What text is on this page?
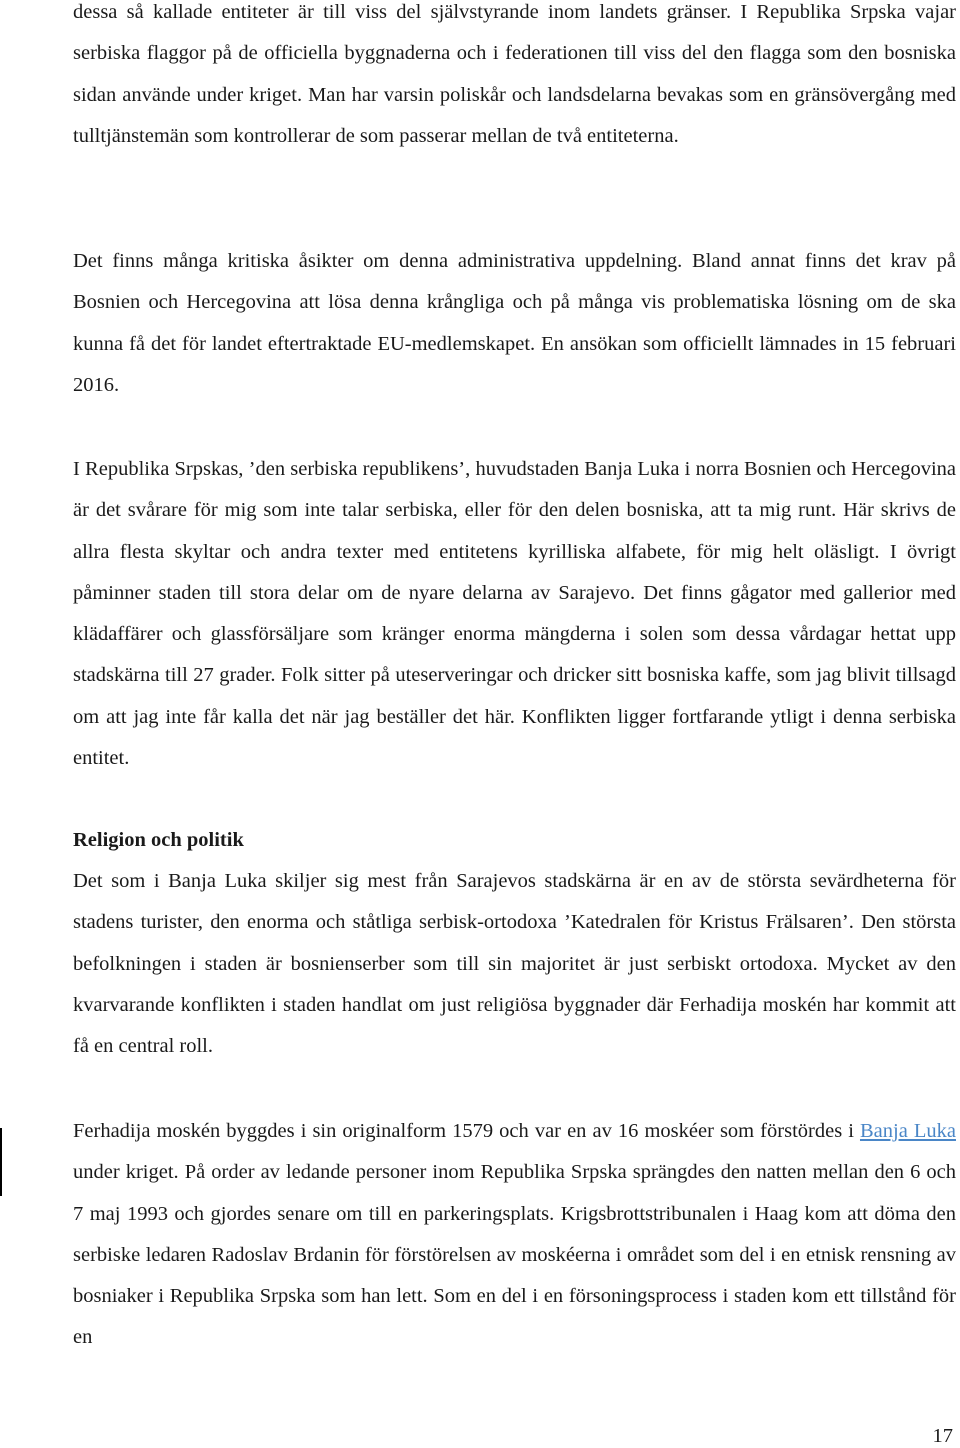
dessa så kallade entiteter är till viss del självstyrande inom landets gränser. I Republika Srpska vajar serbiska flaggor på de officiella byggnaderna och i federationen till viss del den flagga som den bosniska sidan använde under kriget. Man har varsin poliskår och landsdelarna bevakas som en gränsövergång med tulltjänstemän som kontrollerar de som passerar mellan de två entiteterna.

Det finns många kritiska åsikter om denna administrativa uppdelning. Bland annat finns det krav på Bosnien och Hercegovina att lösa denna krångliga och på många vis problematiska lösning om de ska kunna få det för landet eftertraktade EU-medlemskapet. En ansökan som officiellt lämnades in 15 februari 2016.

I Republika Srpskas, ’den serbiska republikens’, huvudstaden Banja Luka i norra Bosnien och Hercegovina är det svårare för mig som inte talar serbiska, eller för den delen bosniska, att ta mig runt. Här skrivs de allra flesta skyltar och andra texter med entitetens kyrilliska alfabete, för mig helt oläsligt. I övrigt påminner staden till stora delar om de nyare delarna av Sarajevo. Det finns gågator med gallerior med klädaffärer och glassförsäljare som kränger enorma mängderna i solen som dessa vårdagar hettat upp stadskärna till 27 grader. Folk sitter på uteserveringar och dricker sitt bosniska kaffe, som jag blivit tillsagd om att jag inte får kalla det när jag beställer det här. Konflikten ligger fortfarande ytligt i denna serbiska entitet.

Religion och politik

Det som i Banja Luka skiljer sig mest från Sarajevos stadskärna är en av de största sevärdheterna för stadens turister, den enorma och ståtliga serbisk-ortodoxa ’Katedralen för Kristus Frälsaren’. Den största befolkningen i staden är bosnienserber som till sin majoritet är just serbiskt ortodoxa. Mycket av den kvarvarande konflikten i staden handlat om just religiösa byggnader där Ferhadija moskén har kommit att få en central roll.

Ferhadija moskén byggdes i sin originalform 1579 och var en av 16 moskéer som förstördes i Banja Luka under kriget. På order av ledande personer inom Republika Srpska sprängdes den natten mellan den 6 och 7 maj 1993 och gjordes senare om till en parkeringsplats. Krigsbrottstribunalen i Haag kom att döma den serbiske ledaren Radoslav Brdanin för förstörelsen av moskéerna i området som del i en etnisk rensning av bosniaker i Republika Srpska som han lett. Som en del i en försoningsprocess i staden kom ett tillstånd för en

17
